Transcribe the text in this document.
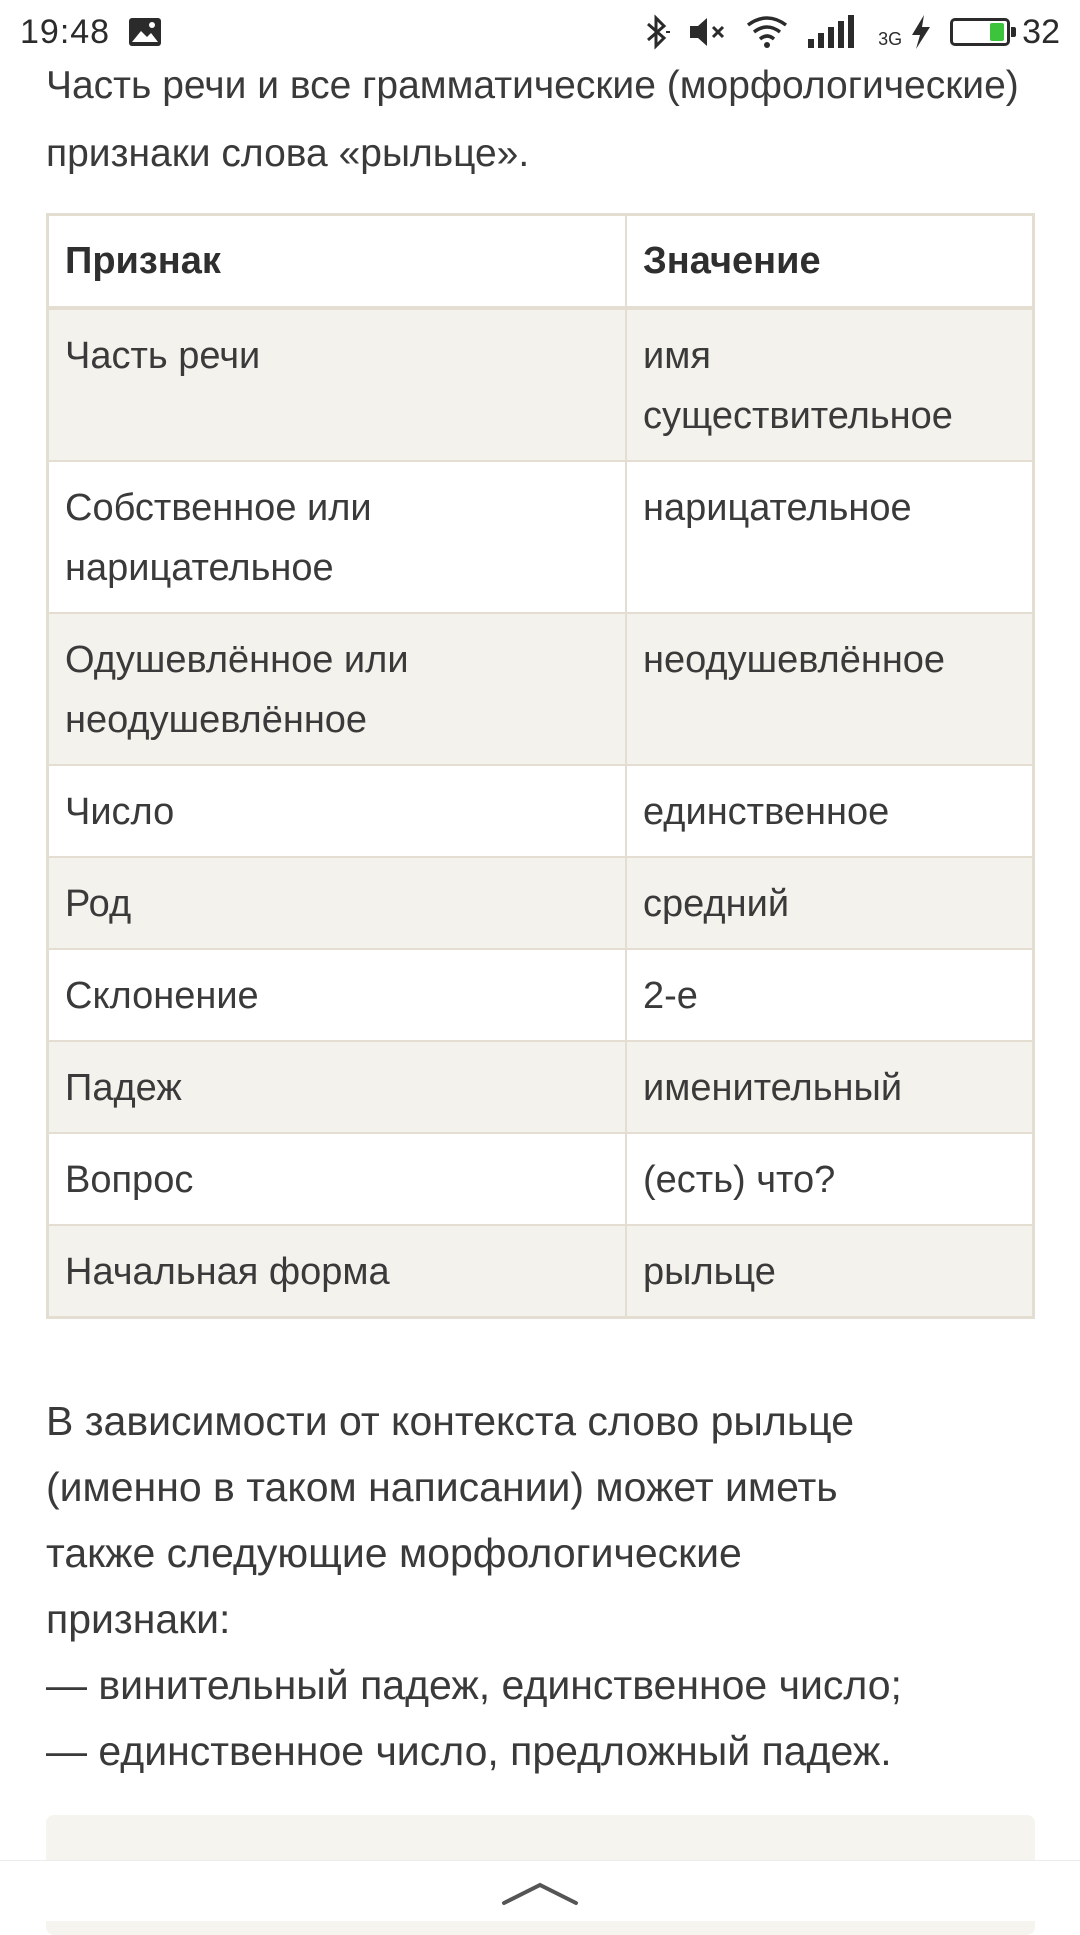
19:48	3G	32

Часть речи и все грамматические (морфологические) признаки слова «рыльце».

Признак	Значение
Часть речи	имя существительное
Собственное или нарицательное	нарицательное
Одушевлённое или неодушевлённое	неодушевлённое
Число	единственное
Род	средний
Склонение	2-е
Падеж	именительный
Вопрос	(есть) что?
Начальная форма	рыльце
В зависимости от контекста слово рыльце
(именно в таком написании) может иметь
также следующие морфологические
признаки:
— винительный падеж, единственное число;
— единственное число, предложный падеж.
